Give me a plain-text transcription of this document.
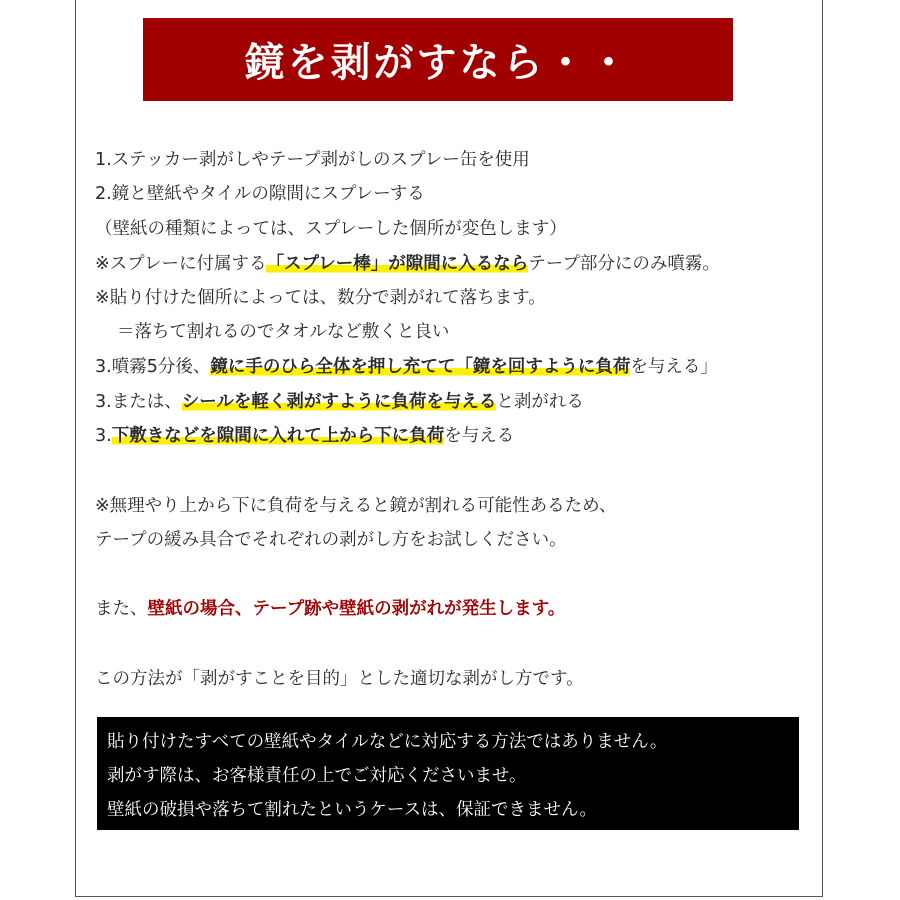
鏡を剥がすなら・・
1.ステッカー剥がしやテープ剥がしのスプレー缶を使用
2.鏡と壁紙やタイルの隙間にスプレーする
（壁紙の種類によっては、スプレーした個所が変色します）
※スプレーに付属する「スプレー棒」が隙間に入るならテープ部分にのみ噴霧。
※貼り付けた個所によっては、数分で剥がれて落ちます。
＝落ちて割れるのでタオルなど敷くと良い
3.噴霧5分後、鏡に手のひら全体を押し充てて「鏡を回すように負荷を与える」
3.または、シールを軽く剥がすように負荷を与えると剥がれる
3.下敷きなどを隙間に入れて上から下に負荷を与える
※無理やり上から下に負荷を与えると鏡が割れる可能性あるため、
テープの緩み具合でそれぞれの剥がし方をお試しください。
また、壁紙の場合、テープ跡や壁紙の剥がれが発生します。
この方法が「剥がすことを目的」とした適切な剥がし方です。
貼り付けたすべての壁紙やタイルなどに対応する方法ではありません。
剥がす際は、お客様責任の上でご対応くださいませ。
壁紙の破損や落ちて割れたというケースは、保証できません。
